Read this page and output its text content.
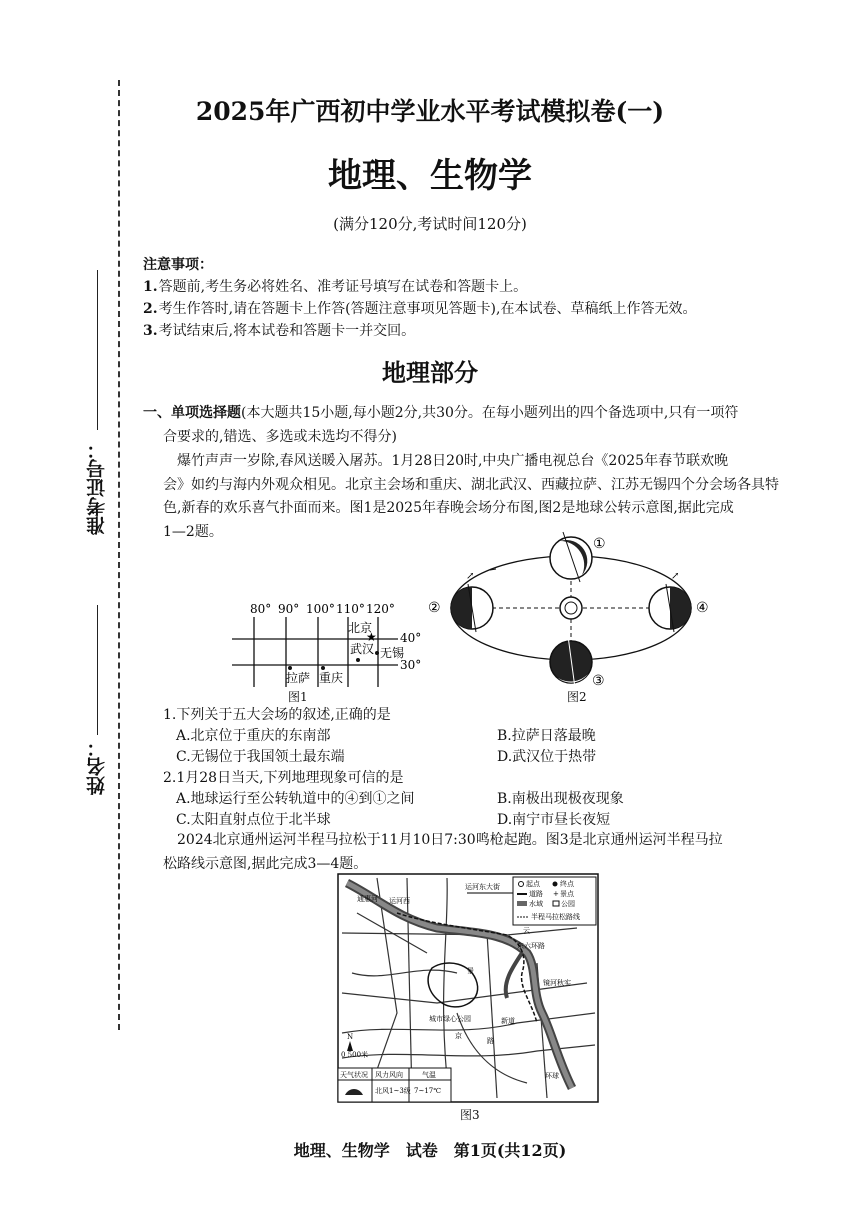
准考证号：
姓名：
2025年广西初中学业水平考试模拟卷(一)
地理、生物学
(满分120分,考试时间120分)
注意事项：
1.答题前,考生务必将姓名、准考证号填写在试卷和答题卡上。
2.考生作答时,请在答题卡上作答(答题注意事项见答题卡),在本试卷、草稿纸上作答无效。
3.考试结束后,将本试卷和答题卡一并交回。
地理部分
一、单项选择题(本大题共15小题,每小题2分,共30分。在每小题列出的四个备选项中,只有一项符
合要求的,错选、多选或未选均不得分)
爆竹声声一岁除,春风送暖入屠苏。1月28日20时,中央广播电视总台《2025年春节联欢晚
会》如约与海内外观众相见。北京主会场和重庆、湖北武汉、西藏拉萨、江苏无锡四个分会场各具特
色,新春的欢乐喜气扑面而来。图1是2025年春晚会场分布图,图2是地球公转示意图,据此完成
1—2题。
80° 90° 100° 110° 120°
40°
30°
北京
武汉 无锡
拉萨 重庆
★
图1
①
↗
②
↗
④
③
图2
1.下列关于五大会场的叙述,正确的是
A.北京位于重庆的东南部	B.拉萨日落最晚
C.无锡位于我国领土最东端	D.武汉位于热带
2.1月28日当天,下列地理现象可信的是
A.地球运行至公转轨道中的④到①之间	B.南极出现极夜现象
C.太阳直射点位于北半球	D.南宁市昼长夜短
2024北京通州运河半程马拉松于11月10日7:30鸣枪起跑。图3是北京通州运河半程马拉
松路线示意图,据此完成3—4题。
起点	终点
道路 + 景点
水域	公园
半程马拉松路线
运河东大街
云
景
城市绿心公园
镜河秋实
京
路
新道
环球
运河西
东六环路
通惠河
0 500米
N
天气状况 风力风向	气温
北风1~3级 7~17℃
图3
地理、生物学　试卷　第1页(共12页)
